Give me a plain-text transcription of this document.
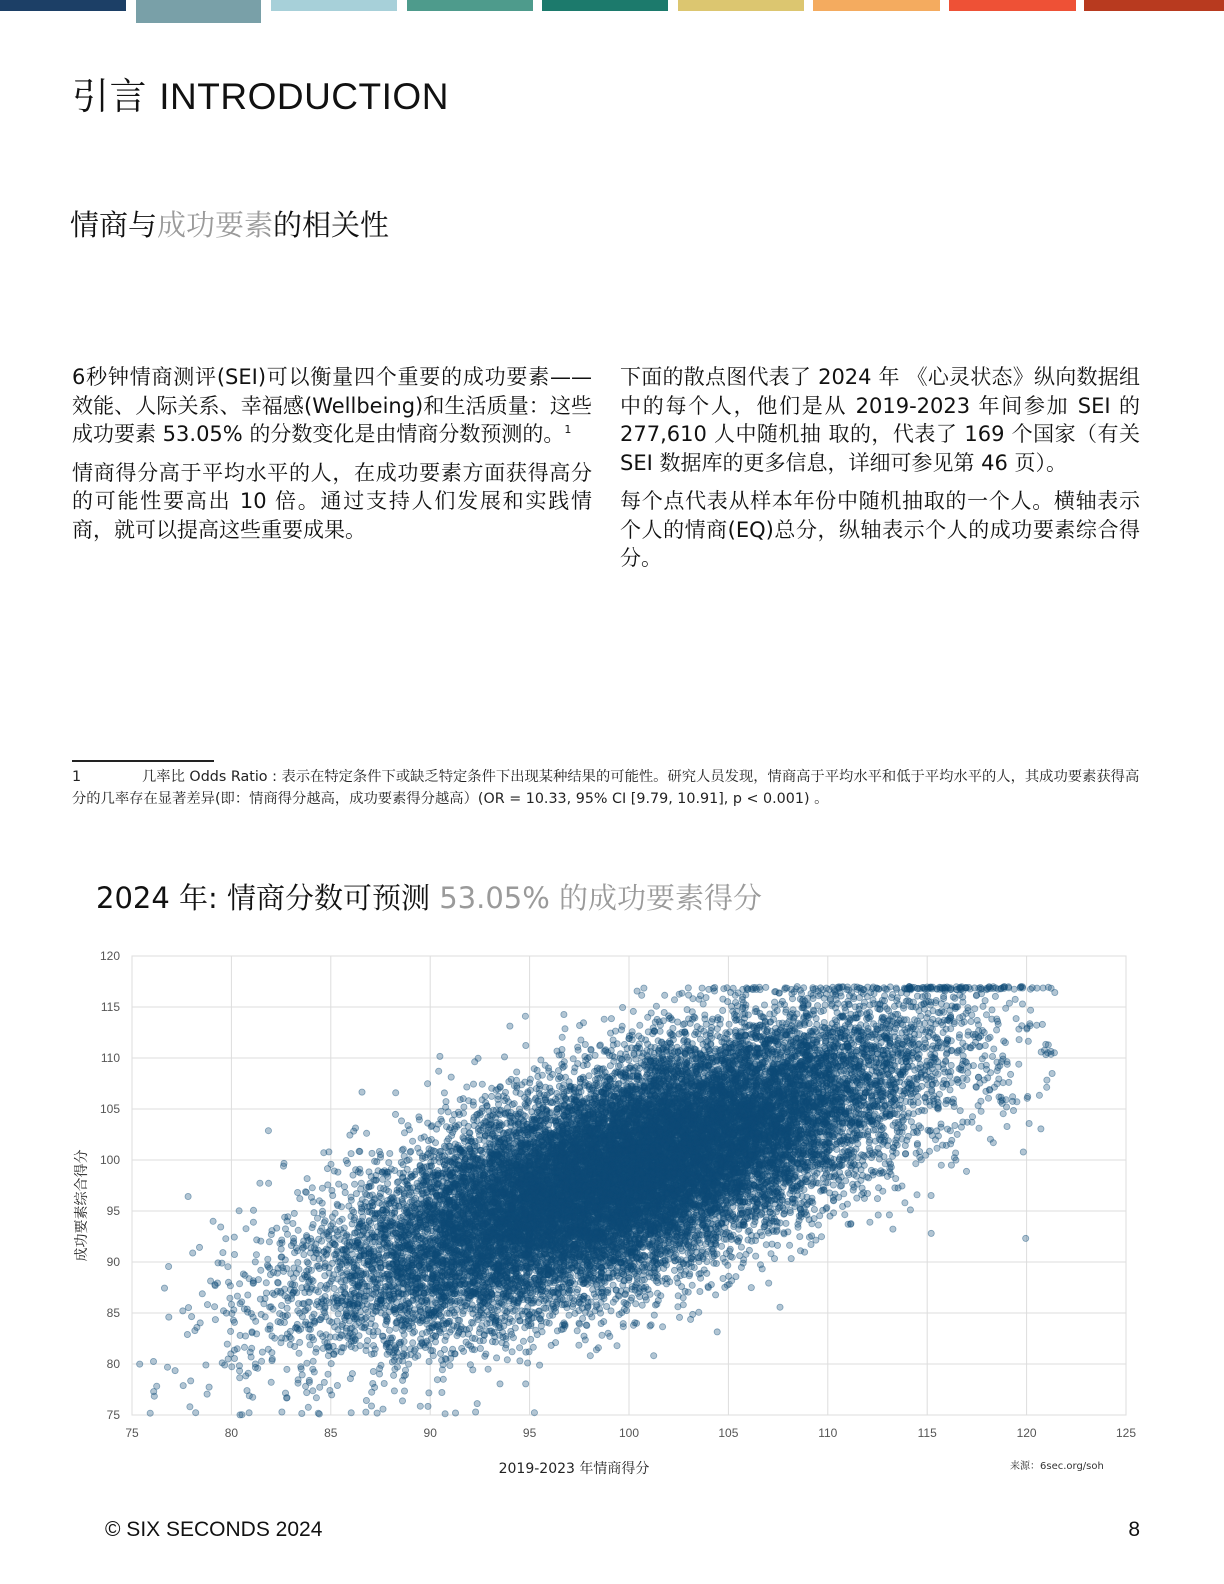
引言 INTRODUCTION
情商与成功要素的相关性

6秒钟情商测评(SEI)可以衡量四个重要的成功要素——效能、人际关系、幸福感(Wellbeing)和生活质量：这些成功要素 53.05% 的分数变化是由情商分数预测的。$^1$

情商得分高于平均水平的人，在成功要素方面获得高分的可能性要高出 10 倍。通过支持人们发展和实践情商，就可以提高这些重要成果。

下面的散点图代表了 2024 年 《心灵状态》纵向数据组中的每个人，他们是从 2019-2023 年间参加 SEI 的 277,610 人中随机抽 取的，代表了 169 个国家（有关 SEI 数据库的更多信息，详细可参见第 46 页）。

每个点代表从样本年份中随机抽取的一个人。横轴表示个人的情商(EQ)总分，纵轴表示个人的成功要素综合得分。

1	几率比 Odds Ratio : 表示在特定条件下或缺乏特定条件下出现某种结果的可能性。研究人员发现，情商高于平均水平和低于平均水平的人，其成功要素获得高分的几率存在显著差异(即：情商得分越高，成功要素得分越高）(OR = 10.33, 95% CI [9.79, 10.91], p < 0.001) 。
2024 年: 情商分数可预测 53.05% 的成功要素得分
75	80	85	90	95	100	105	110	115	120	125
75
80
85
90
95
100
105
110
115
120
2019-2023 年情商得分
成功要素综合得分
来源：6sec.org/soh
© SIX SECONDS 2024	8
